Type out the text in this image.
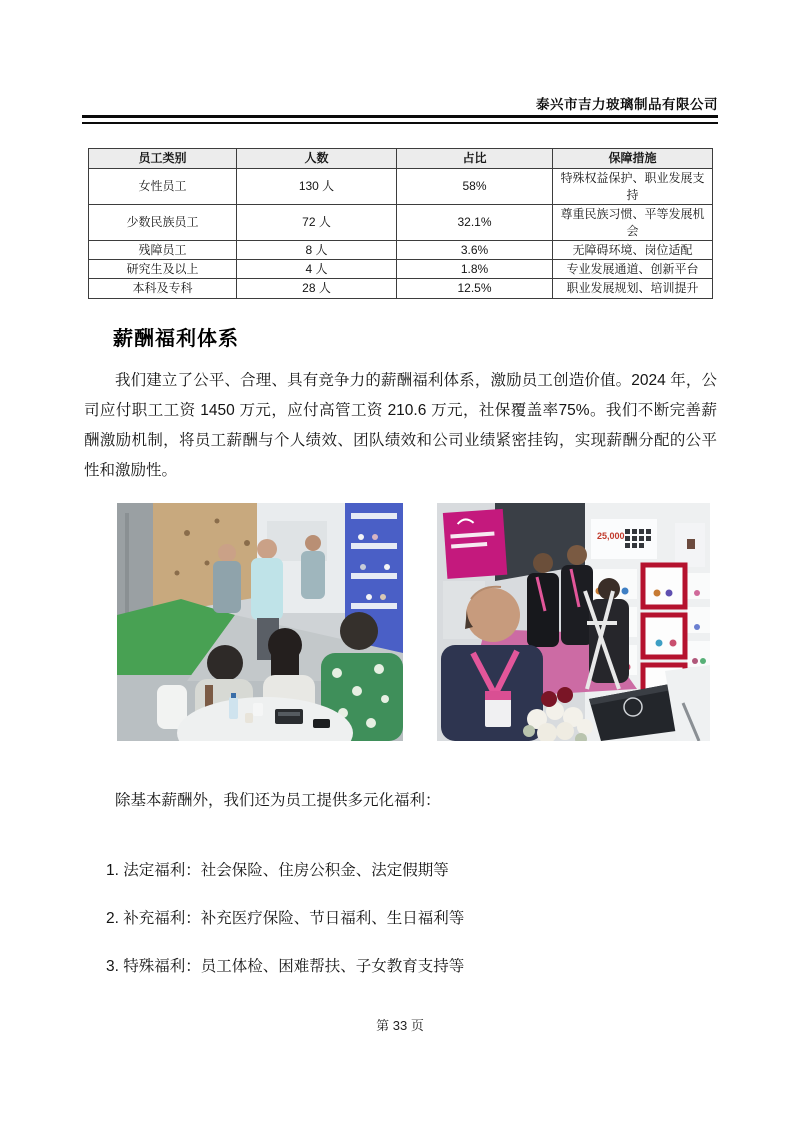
泰兴市吉力玻璃制品有限公司
员工类别	人数	占比	保障措施
女性员工	130 人	58%	特殊权益保护、职业发展支持
少数民族员工	72 人	32.1%	尊重民族习惯、平等发展机会
残障员工	8 人	3.6%	无障碍环境、岗位适配
研究生及以上	4 人	1.8%	专业发展通道、创新平台
本科及专科	28 人	12.5%	职业发展规划、培训提升
薪酬福利体系
我们建立了公平、合理、具有竞争力的薪酬福利体系，激励员工创造价值。2024 年，公司应付职工工资 1450 万元，应付高管工资 210.6 万元，社保覆盖率75%。我们不断完善薪酬激励机制，将员工薪酬与个人绩效、团队绩效和公司业绩紧密挂钩，实现薪酬分配的公平性和激励性。
25,000
除基本薪酬外，我们还为员工提供多元化福利：
1. 法定福利：社会保险、住房公积金、法定假期等
2. 补充福利：补充医疗保险、节日福利、生日福利等
3. 特殊福利：员工体检、困难帮扶、子女教育支持等
第 33 页
